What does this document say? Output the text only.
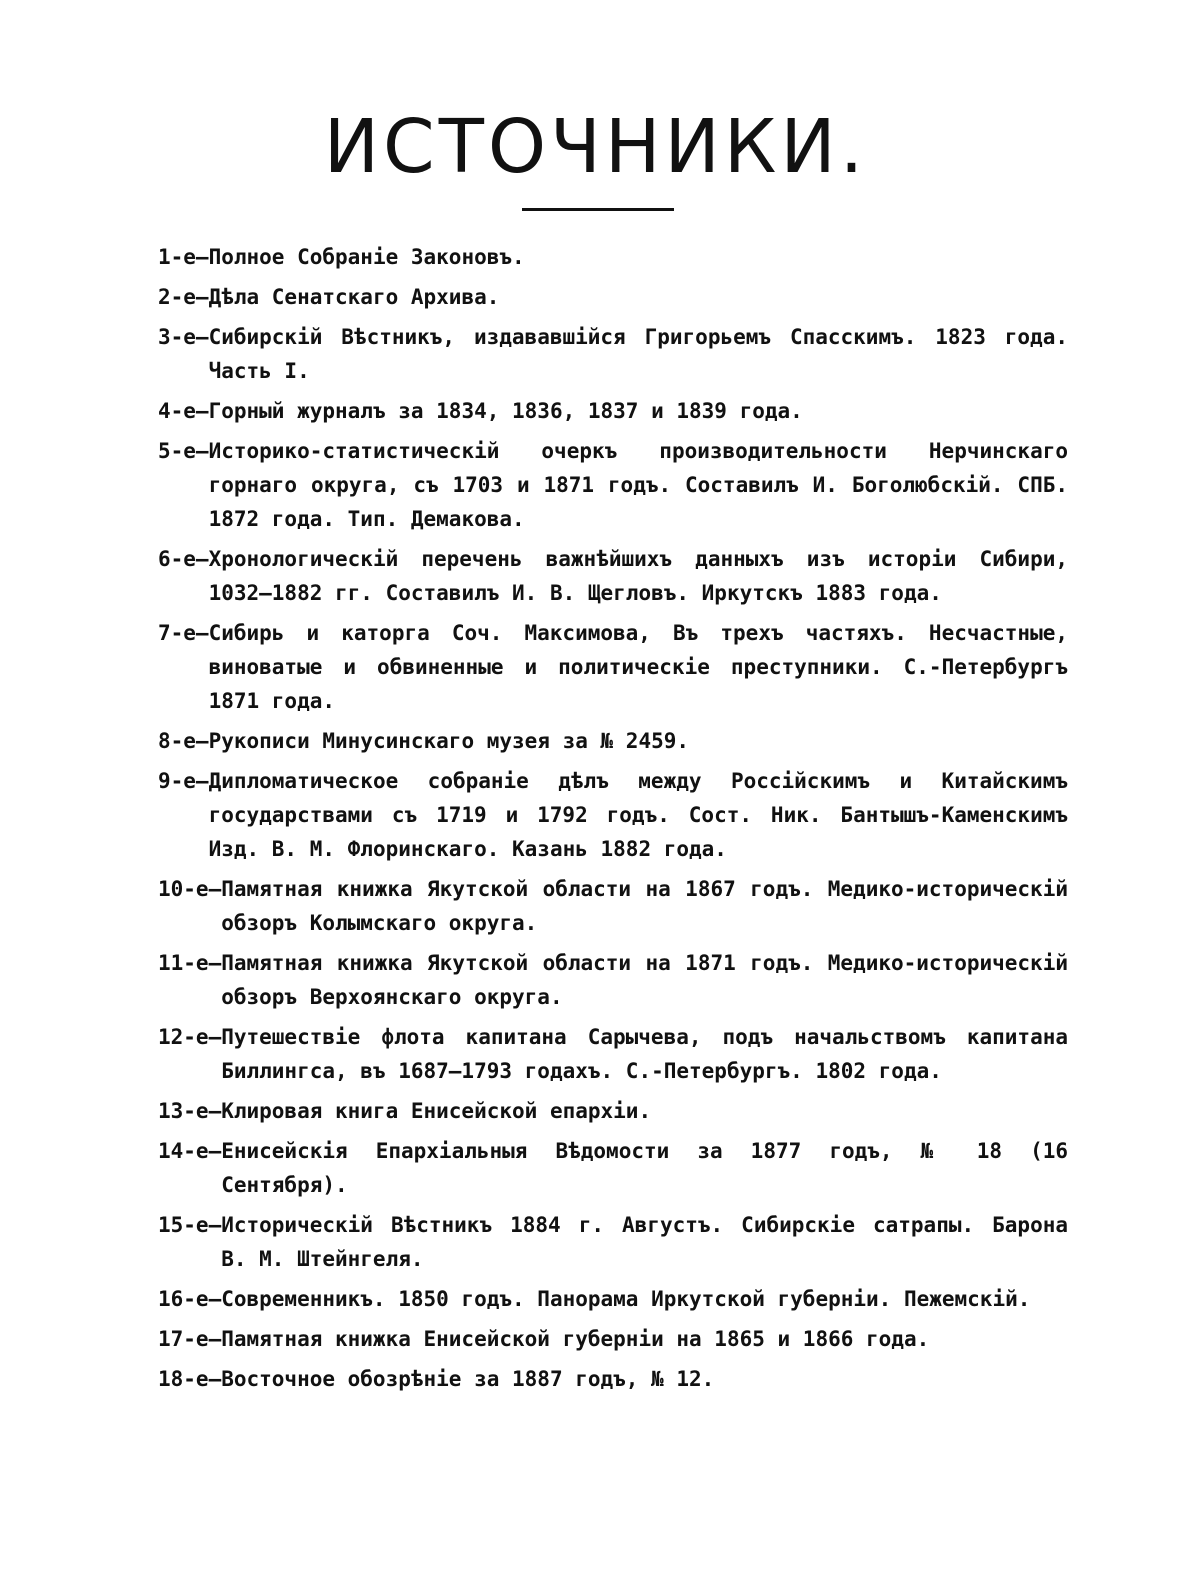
ИСТОЧНИКИ.
1-е— Полное Собраніе Законовъ.
2-е— Дѣла Сенатскаго Архива.
3-е— Сибирскій Вѣстникъ, издававшійся Григорьемъ Спасскимъ. 1823 года. Часть I.
4-е— Горный журналъ за 1834, 1836, 1837 и 1839 года.
5-е— Историко-статистическій очеркъ производительности Нерчинскаго горнаго округа, съ 1703 и 1871 годъ. Составилъ И. Боголюбскій. СПБ. 1872 года. Тип. Демакова.
6-е— Хронологическій перечень важнѣйшихъ данныхъ изъ исторіи Сибири, 1032—1882 гг. Составилъ И. В. Щегловъ. Иркутскъ 1883 года.
7-е— Сибирь и каторга Соч. Максимова, Въ трехъ частяхъ. Несчастные, виноватые и обвиненные и политическіе преступники. С.-Петербургъ 1871 года.
8-е— Рукописи Минусинскаго музея за № 2459.
9-е— Дипломатическое собраніе дѣлъ между Россійскимъ и Китайскимъ государствами съ 1719 и 1792 годъ. Сост. Ник. Бантышъ-Каменскимъ Изд. В. М. Флоринскаго. Казань 1882 года.
10-е— Памятная книжка Якутской области на 1867 годъ. Медико-историческій обзоръ Колымскаго округа.
11-е— Памятная книжка Якутской области на 1871 годъ. Медико-историческій обзоръ Верхоянскаго округа.
12-е— Путешествіе флота капитана Сарычева, подъ начальствомъ капитана Биллингса, въ 1687—1793 годахъ. С.-Петербургъ. 1802 года.
13-е— Клировая книга Енисейской епархіи.
14-е— Енисейскія Епархіальныя Вѣдомости за 1877 годъ, № 18 (16 Сентября).
15-е— Историческій Вѣстникъ 1884 г. Августъ. Сибирскіе сатрапы. Барона В. М. Штейнгеля.
16-е— Современникъ. 1850 годъ. Панорама Иркутской губерніи. Пежемскій.
17-е— Памятная книжка Енисейской губерніи на 1865 и 1866 года.
18-е— Восточное обозрѣніе за 1887 годъ, № 12.
